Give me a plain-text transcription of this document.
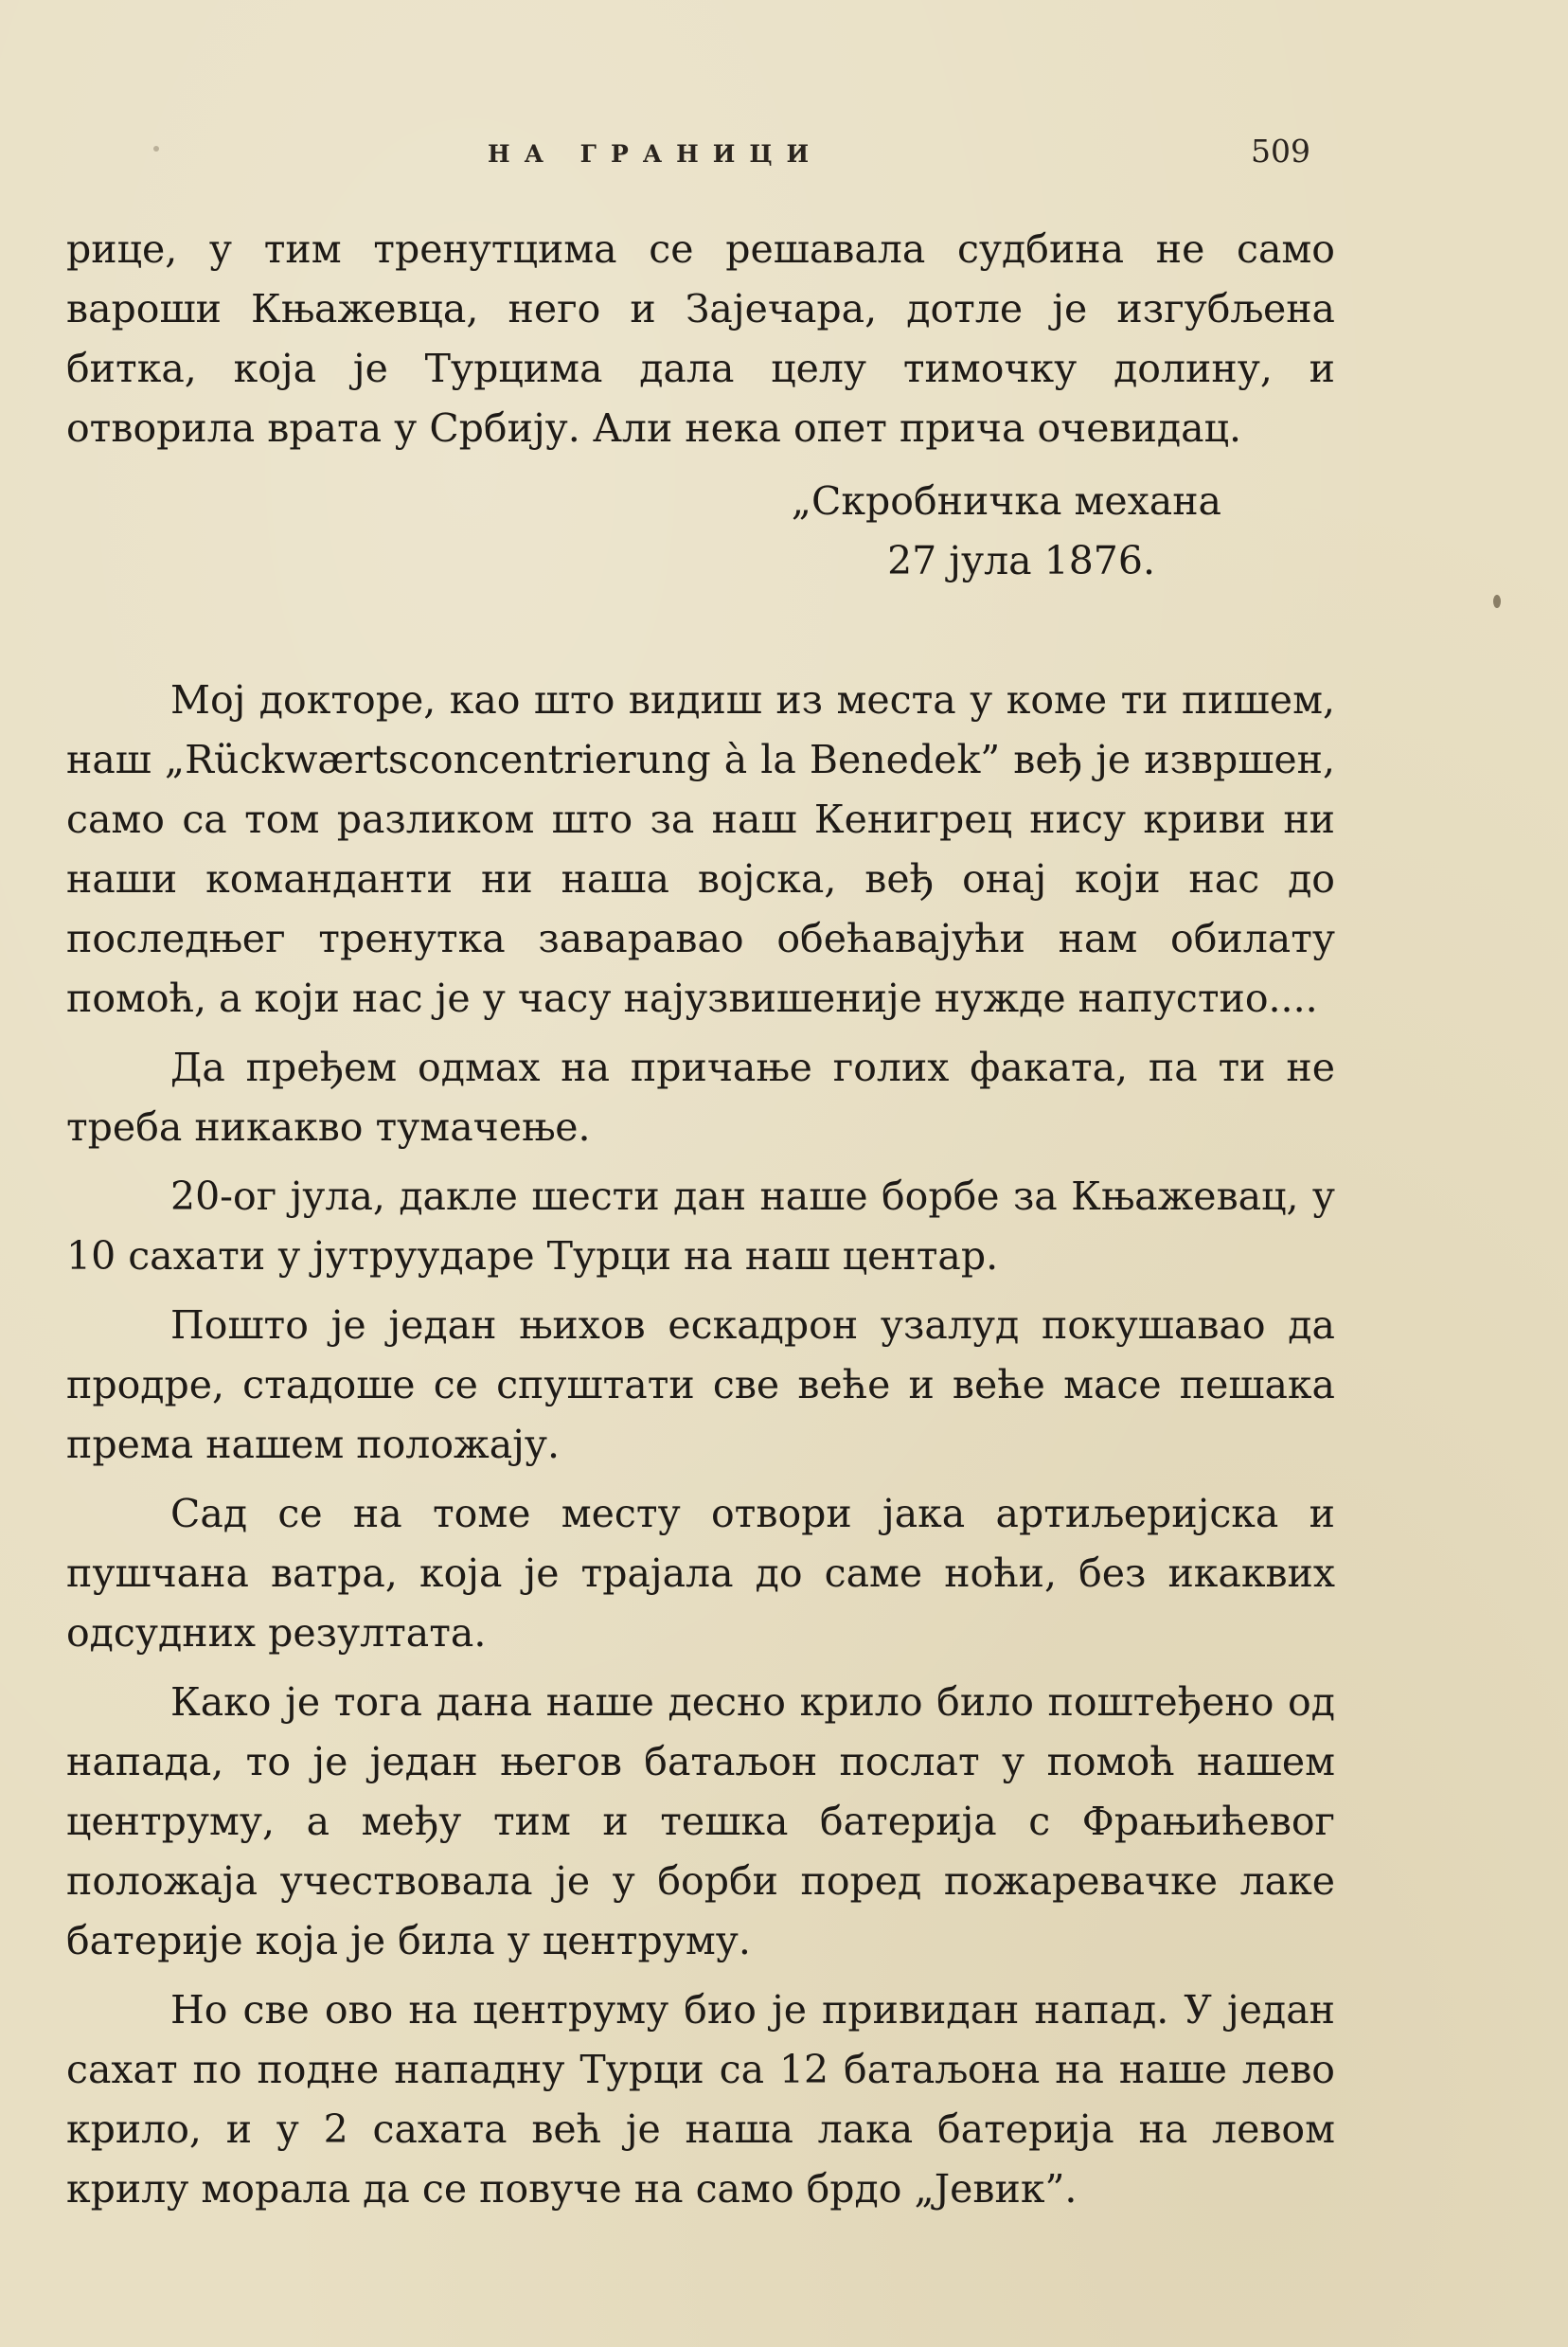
НА ГРАНИЦИ	509

рице, у тим тренутцима се решавала судбина не само вароши Књажевца, него и Зајечара, дотле је изгубљена битка, која је Турцима дала целу тимочку долину, и отворила врата у Србију. Али нека опет прича очевидац.

„Скробничка механа
27 јула 1876.

Мој докторе, као што видиш из места у коме ти пишем, наш „Rückwærtsconcentrierung à la Benedek” веђ је извршен, само са том разликом што за наш Кенигрец нису криви ни наши команданти ни наша војска, веђ онај који нас до последњег тренутка заваравао обећавајући нам обилату помоћ, а који нас је у часу најузвишеније нужде напустио....

Да пређем одмах на причање голих факата, па ти не треба никакво тумачење.

20-ог јула, дакле шести дан наше борбе за Књажевац, у 10 сахати у јутруударе Турци на наш центар.

Пошто је један њихов ескадрон узалуд покушавао да продре, стадоше се спуштати све веће и веће масе пешака према нашем положају.

Сад се на томе месту отвори јака артиљеријска и пушчана ватра, која је трајала до саме ноћи, без икаквих одсудних резултата.

Како је тога дана наше десно крило било поштеђено од напада, то је један његов батаљон послат у помоћ нашем центруму, а међу тим и тешка батерија с Фрањићевог положаја учествовала је у борби поред пожаревачке лаке батерије која је била у центруму.

Но све ово на центруму био је привидан напад. У један сахат по подне нападну Турци са 12 батаљона на наше лево крило, и у 2 сахата већ је наша лака батерија на левом крилу морала да се повуче на само брдо „Јевик”.
